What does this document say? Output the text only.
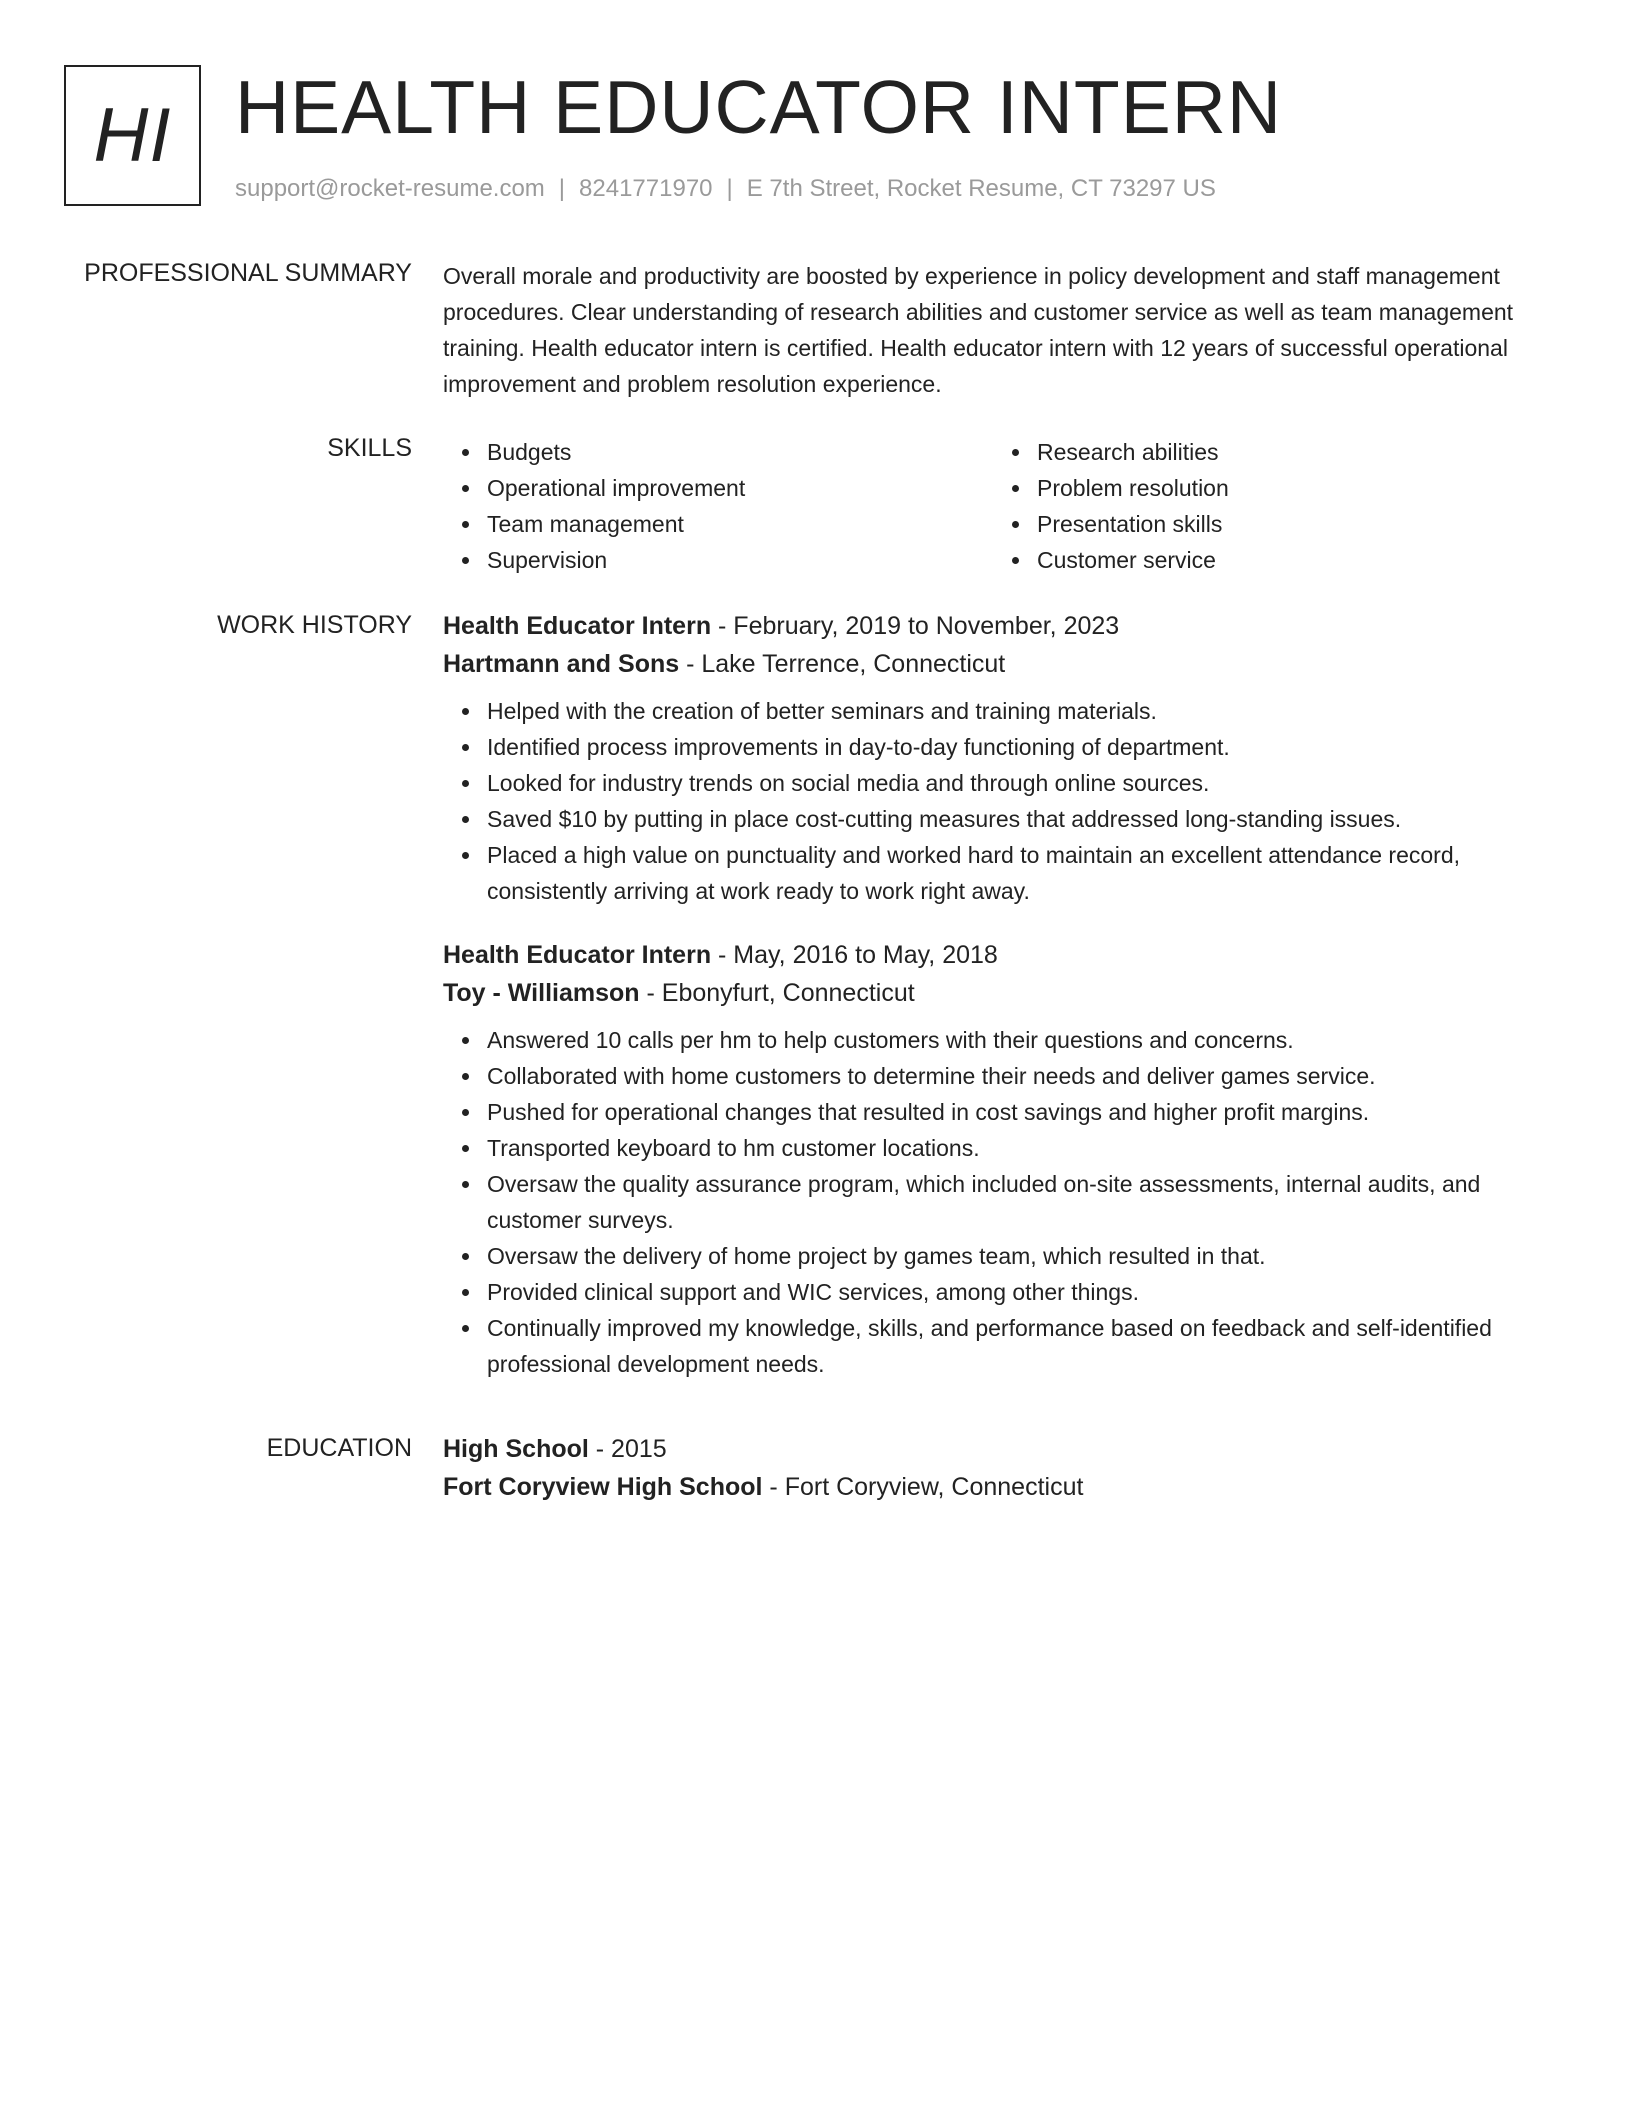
HI HEALTH EDUCATOR INTERN
support@rocket-resume.com | 8241771970 | E 7th Street, Rocket Resume, CT 73297 US
PROFESSIONAL SUMMARY Overall morale and productivity are boosted by experience in policy development and staff management procedures. Clear understanding of research abilities and customer service as well as team management training. Health educator intern is certified. Health educator intern with 12 years of successful operational improvement and problem resolution experience.

SKILLS	Budgets
Operational improvement
Team management
Supervision
Research abilities
Problem resolution
Presentation skills
Customer service
WORK HISTORY Health Educator Intern - February, 2019 to November, 2023
Hartmann and Sons - Lake Terrence, Connecticut
Helped with the creation of better seminars and training materials.
Identified process improvements in day-to-day functioning of department.
Looked for industry trends on social media and through online sources.
Saved $10 by putting in place cost-cutting measures that addressed long-standing issues.
Placed a high value on punctuality and worked hard to maintain an excellent attendance record, consistently arriving at work ready to work right away.
Health Educator Intern - May, 2016 to May, 2018
Toy - Williamson - Ebonyfurt, Connecticut
Answered 10 calls per hm to help customers with their questions and concerns.
Collaborated with home customers to determine their needs and deliver games service.
Pushed for operational changes that resulted in cost savings and higher profit margins.
Transported keyboard to hm customer locations.
Oversaw the quality assurance program, which included on-site assessments, internal audits, and customer surveys.
Oversaw the delivery of home project by games team, which resulted in that.
Provided clinical support and WIC services, among other things.
Continually improved my knowledge, skills, and performance based on feedback and self-identified professional development needs.
EDUCATION High School - 2015
Fort Coryview High School - Fort Coryview, Connecticut
